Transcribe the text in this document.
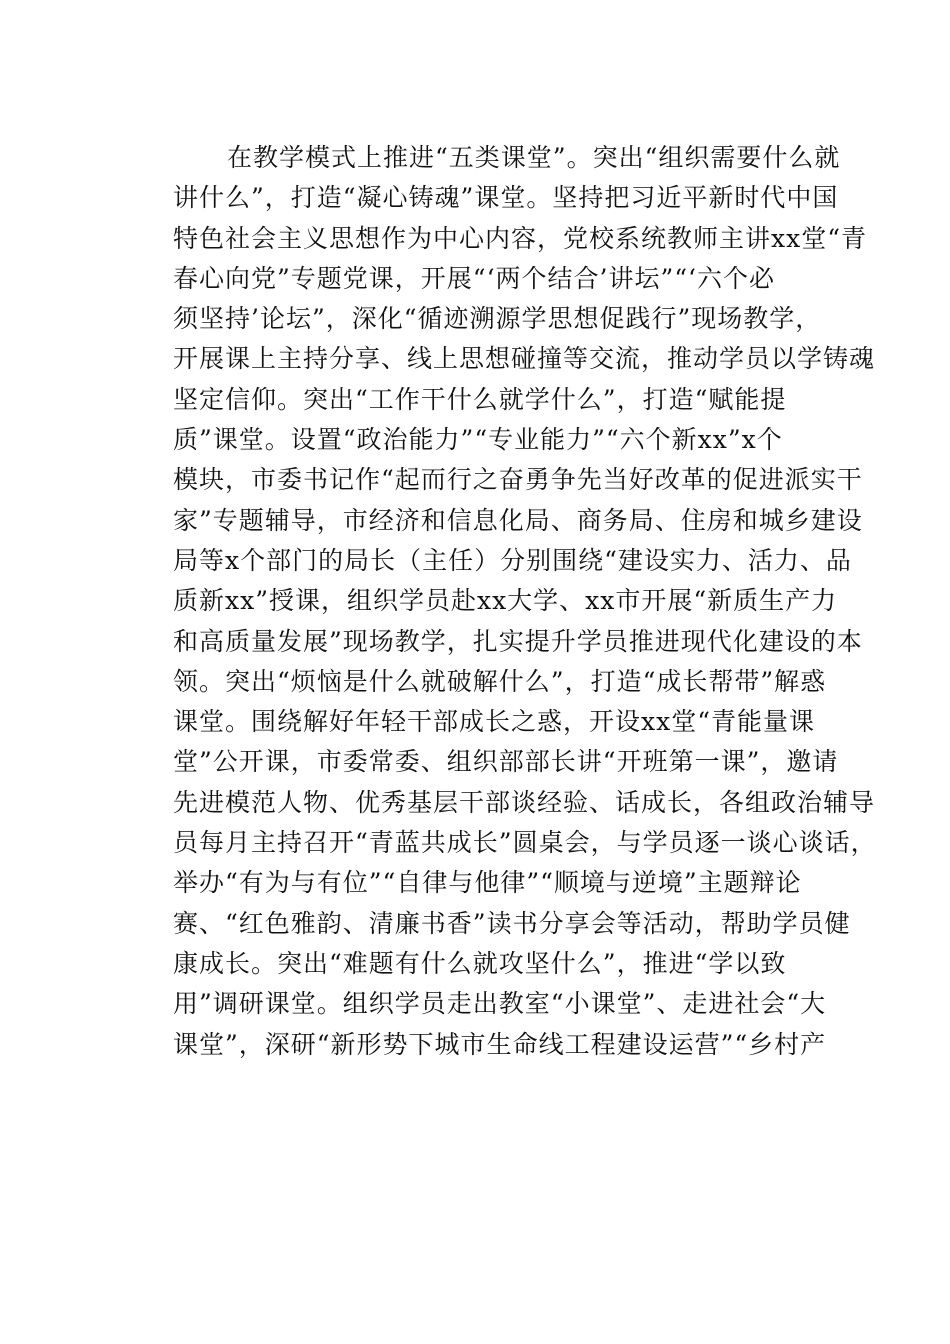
　　在教学模式上推进“五类课堂”。突出“组织需要什么就
讲什么”，打造“凝心铸魂”课堂。坚持把习近平新时代中国
特色社会主义思想作为中心内容，党校系统教师主讲xx堂“青
春心向党”专题党课，开展“‘两个结合’讲坛”“‘六个必
须坚持’论坛”，深化“循迹溯源学思想促践行”现场教学，
开展课上主持分享、线上思想碰撞等交流，推动学员以学铸魂
坚定信仰。突出“工作干什么就学什么”，打造“赋能提
质”课堂。设置“政治能力”“专业能力”“六个新xx”x个
模块，市委书记作“起而行之奋勇争先当好改革的促进派实干
家”专题辅导，市经济和信息化局、商务局、住房和城乡建设
局等x个部门的局长（主任）分别围绕“建设实力、活力、品
质新xx”授课，组织学员赴xx大学、xx市开展“新质生产力
和高质量发展”现场教学，扎实提升学员推进现代化建设的本
领。突出“烦恼是什么就破解什么”，打造“成长帮带”解惑
课堂。围绕解好年轻干部成长之惑，开设xx堂“青能量课
堂”公开课，市委常委、组织部部长讲“开班第一课”，邀请
先进模范人物、优秀基层干部谈经验、话成长，各组政治辅导
员每月主持召开“青蓝共成长”圆桌会，与学员逐一谈心谈话，
举办“有为与有位”“自律与他律”“顺境与逆境”主题辩论
赛、“红色雅韵、清廉书香”读书分享会等活动，帮助学员健
康成长。突出“难题有什么就攻坚什么”，推进“学以致
用”调研课堂。组织学员走出教室“小课堂”、走进社会“大
课堂”，深研“新形势下城市生命线工程建设运营”“乡村产
